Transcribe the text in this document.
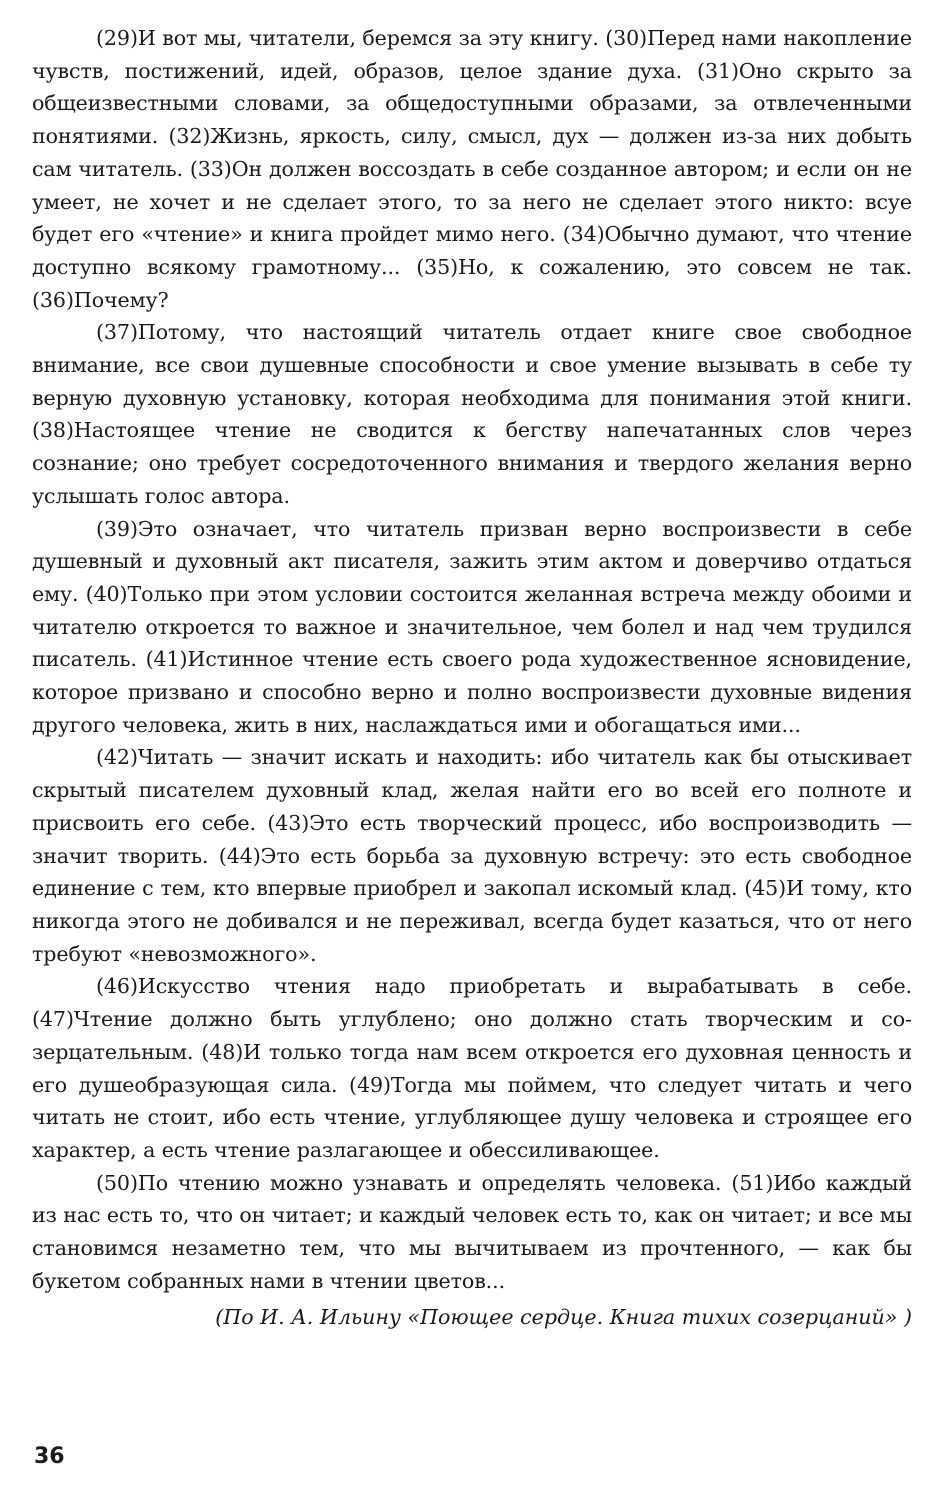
(29)И вот мы, читатели, беремся за эту книгу. (30)Перед нами накопление чувств, постижений, идей, образов, целое здание духа. (31)Оно скрыто за общеизвестными словами, за общедоступными образами, за отвлеченными понятиями. (32)Жизнь, яркость, силу, смысл, дух — должен из-за них добыть сам читатель. (33)Он должен воссоздать в себе созданное автором; и если он не умеет, не хочет и не сделает этого, то за него не сделает этого никто: всуе будет его «чтение» и книга пройдет мимо него. (34)Обычно думают, что чтение доступно всякому грамотному... (35)Но, к сожалению, это совсем не так. (36)Почему?

(37)Потому, что настоящий читатель отдает книге свое свободное внимание, все свои душевные способности и свое умение вызывать в себе ту верную духовную установку, которая необходима для понимания этой книги. (38)Настоящее чтение не сводится к бегству напечатанных слов через сознание; оно требует сосредоточенного внимания и твердого желания верно услышать голос автора.

(39)Это означает, что читатель призван верно воспроизвести в себе душевный и духовный акт писателя, зажить этим актом и доверчиво отдаться ему. (40)Только при этом условии состоится желанная встреча между обоими и читателю откроется то важное и значительное, чем болел и над чем трудился писатель. (41)Истинное чтение есть своего рода художественное ясновидение, которое призвано и способно верно и полно воспроизвести духовные видения другого человека, жить в них, наслаждаться ими и обогащаться ими...

(42)Читать — значит искать и находить: ибо читатель как бы отыскивает скрытый писателем духовный клад, желая найти его во всей его полноте и присвоить его себе. (43)Это есть творческий процесс, ибо воспроизводить — значит творить. (44)Это есть борьба за духовную встречу: это есть свободное единение с тем, кто впервые приобрел и закопал искомый клад. (45)И тому, кто никогда этого не добивался и не переживал, всегда будет казаться, что от него требуют «невозможного».

(46)Искусство чтения надо приобретать и вырабатывать в себе. (47)Чтение должно быть углублено; оно должно стать творческим и созерцательным. (48)И только тогда нам всем откроется его духовная ценность и его душеобразующая сила. (49)Тогда мы поймем, что следует читать и чего читать не стоит, ибо есть чтение, углубляющее душу человека и строящее его характер, а есть чтение разлагающее и обессиливающее.

(50)По чтению можно узнавать и определять человека. (51)Ибо каждый из нас есть то, что он читает; и каждый человек есть то, как он читает; и все мы становимся незаметно тем, что мы вычитываем из прочтенного, — как бы букетом собранных нами в чтении цветов...

(По И. А. Ильину «Поющее сердце. Книга тихих созерцаний» )

36
